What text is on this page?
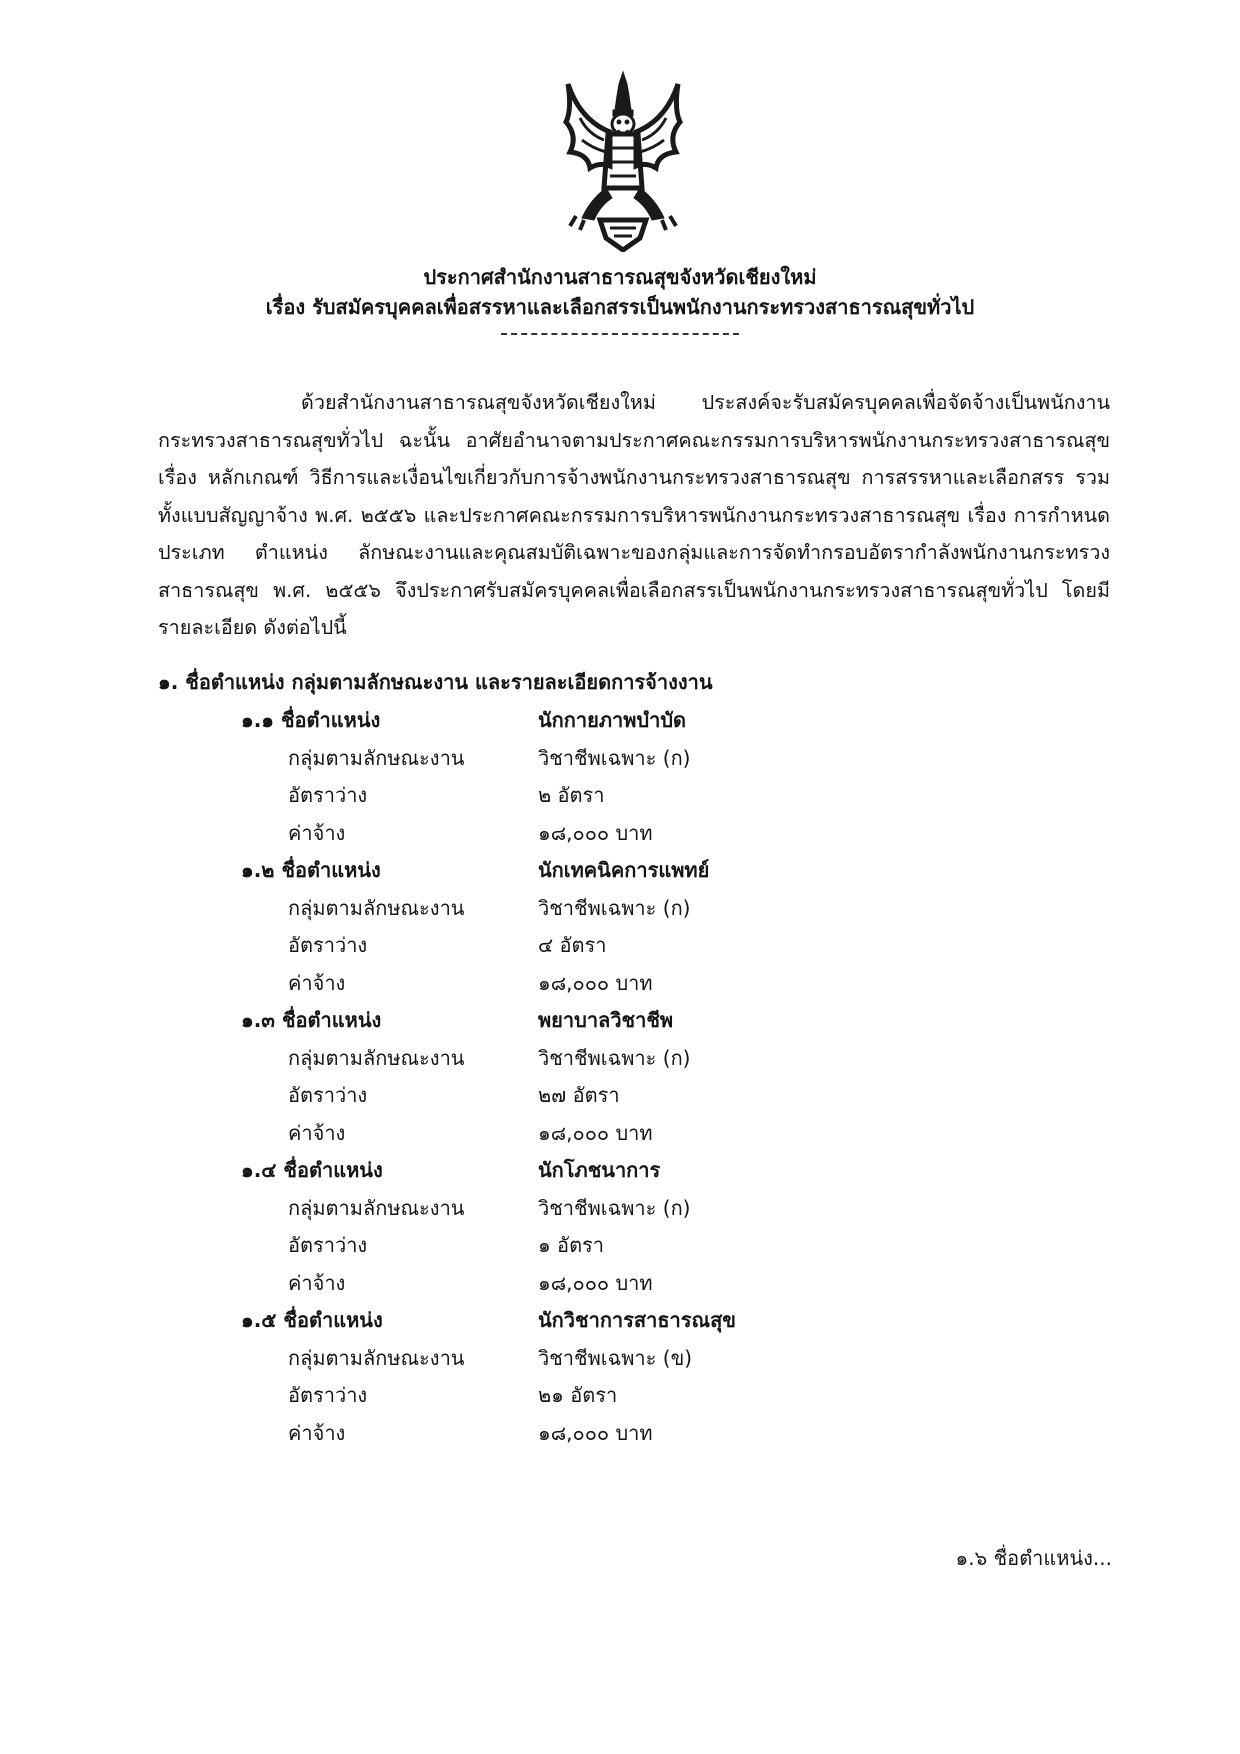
ประกาศสำนักงานสาธารณสุขจังหวัดเชียงใหม่
เรื่อง รับสมัครบุคคลเพื่อสรรหาและเลือกสรรเป็นพนักงานกระทรวงสาธารณสุขทั่วไป
ด้วยสำนักงานสาธารณสุขจังหวัดเชียงใหม่ ประสงค์จะรับสมัครบุคคลเพื่อจัดจ้างเป็นพนักงานกระทรวงสาธารณสุขทั่วไป ฉะนั้น อาศัยอำนาจตามประกาศคณะกรรมการบริหารพนักงานกระทรวงสาธารณสุข เรื่อง หลักเกณฑ์ วิธีการและเงื่อนไขเกี่ยวกับการจ้างพนักงานกระทรวงสาธารณสุข การสรรหาและเลือกสรร รวมทั้งแบบสัญญาจ้าง พ.ศ. ๒๕๕๖ และประกาศคณะกรรมการบริหารพนักงานกระทรวงสาธารณสุข เรื่อง การกำหนดประเภท ตำแหน่ง ลักษณะงานและคุณสมบัติเฉพาะของกลุ่มและการจัดทำกรอบอัตรากำลังพนักงานกระทรวงสาธารณสุข พ.ศ. ๒๕๕๖ จึงประกาศรับสมัครบุคคลเพื่อเลือกสรรเป็นพนักงานกระทรวงสาธารณสุขทั่วไป โดยมีรายละเอียด ดังต่อไปนี้
๑. ชื่อตำแหน่ง กลุ่มตามลักษณะงาน และรายละเอียดการจ้างงาน
๑.๑ ชื่อตำแหน่ง	นักกายภาพบำบัด
กลุ่มตามลักษณะงาน	วิชาชีพเฉพาะ (ก)
อัตราว่าง	๒ อัตรา
ค่าจ้าง	๑๘,๐๐๐ บาท
๑.๒ ชื่อตำแหน่ง	นักเทคนิคการแพทย์
กลุ่มตามลักษณะงาน	วิชาชีพเฉพาะ (ก)
อัตราว่าง	๔ อัตรา
ค่าจ้าง	๑๘,๐๐๐ บาท
๑.๓ ชื่อตำแหน่ง	พยาบาลวิชาชีพ
กลุ่มตามลักษณะงาน	วิชาชีพเฉพาะ (ก)
อัตราว่าง	๒๗ อัตรา
ค่าจ้าง	๑๘,๐๐๐ บาท
๑.๔ ชื่อตำแหน่ง	นักโภชนาการ
กลุ่มตามลักษณะงาน	วิชาชีพเฉพาะ (ก)
อัตราว่าง	๑ อัตรา
ค่าจ้าง	๑๘,๐๐๐ บาท
๑.๕ ชื่อตำแหน่ง	นักวิชาการสาธารณสุข
กลุ่มตามลักษณะงาน	วิชาชีพเฉพาะ (ข)
อัตราว่าง	๒๑ อัตรา
ค่าจ้าง	๑๘,๐๐๐ บาท
๑.๖ ชื่อตำแหน่ง...
